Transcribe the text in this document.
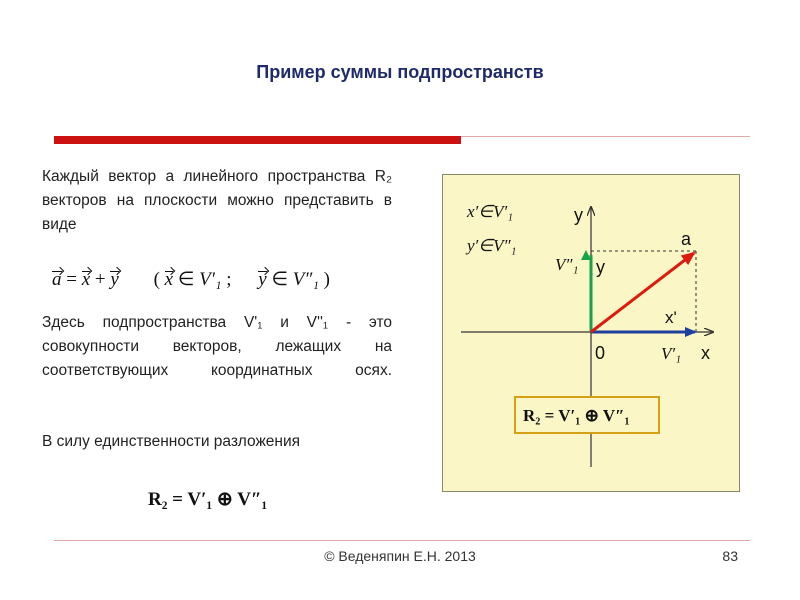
Пример суммы подпространств
Каждый вектор a линейного пространства R₂ векторов на плоскости можно представить в виде
a = x + y ( x ∈ V′₁ ; y ∈ V″₁ )
Здесь подпространства V'₁ и V''₁ - это совокупности векторов, лежащих на соответствующих координатных осях.
В силу единственности разложения
R₂ = V′₁ ⊕ V″₁
x′∈V′₁
y′∈V″₁
y
a
V″₁ y
x'
0	V′₁ x
R₂ = V′₁ ⊕ V″₁
© Веденяпин Е.Н. 2013	83
